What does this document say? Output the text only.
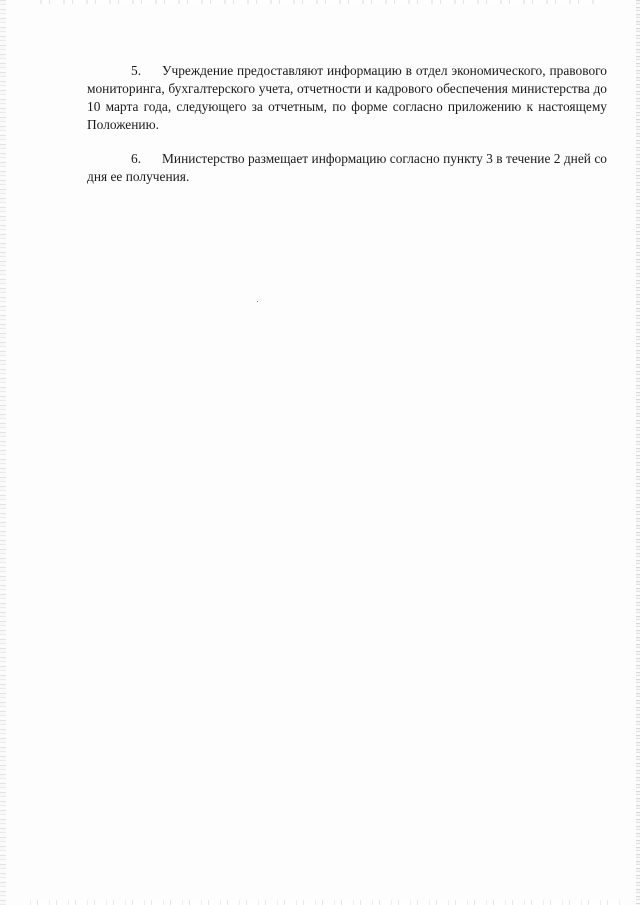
5. Учреждение предоставляют информацию в отдел экономического, правового мониторинга, бухгалтерского учета, отчетности и кадрового обеспечения министерства до 10 марта года, следующего за отчетным, по форме согласно приложению к настоящему Положению.

6. Министерство размещает информацию согласно пункту 3 в течение 2 дней со дня ее получения.
